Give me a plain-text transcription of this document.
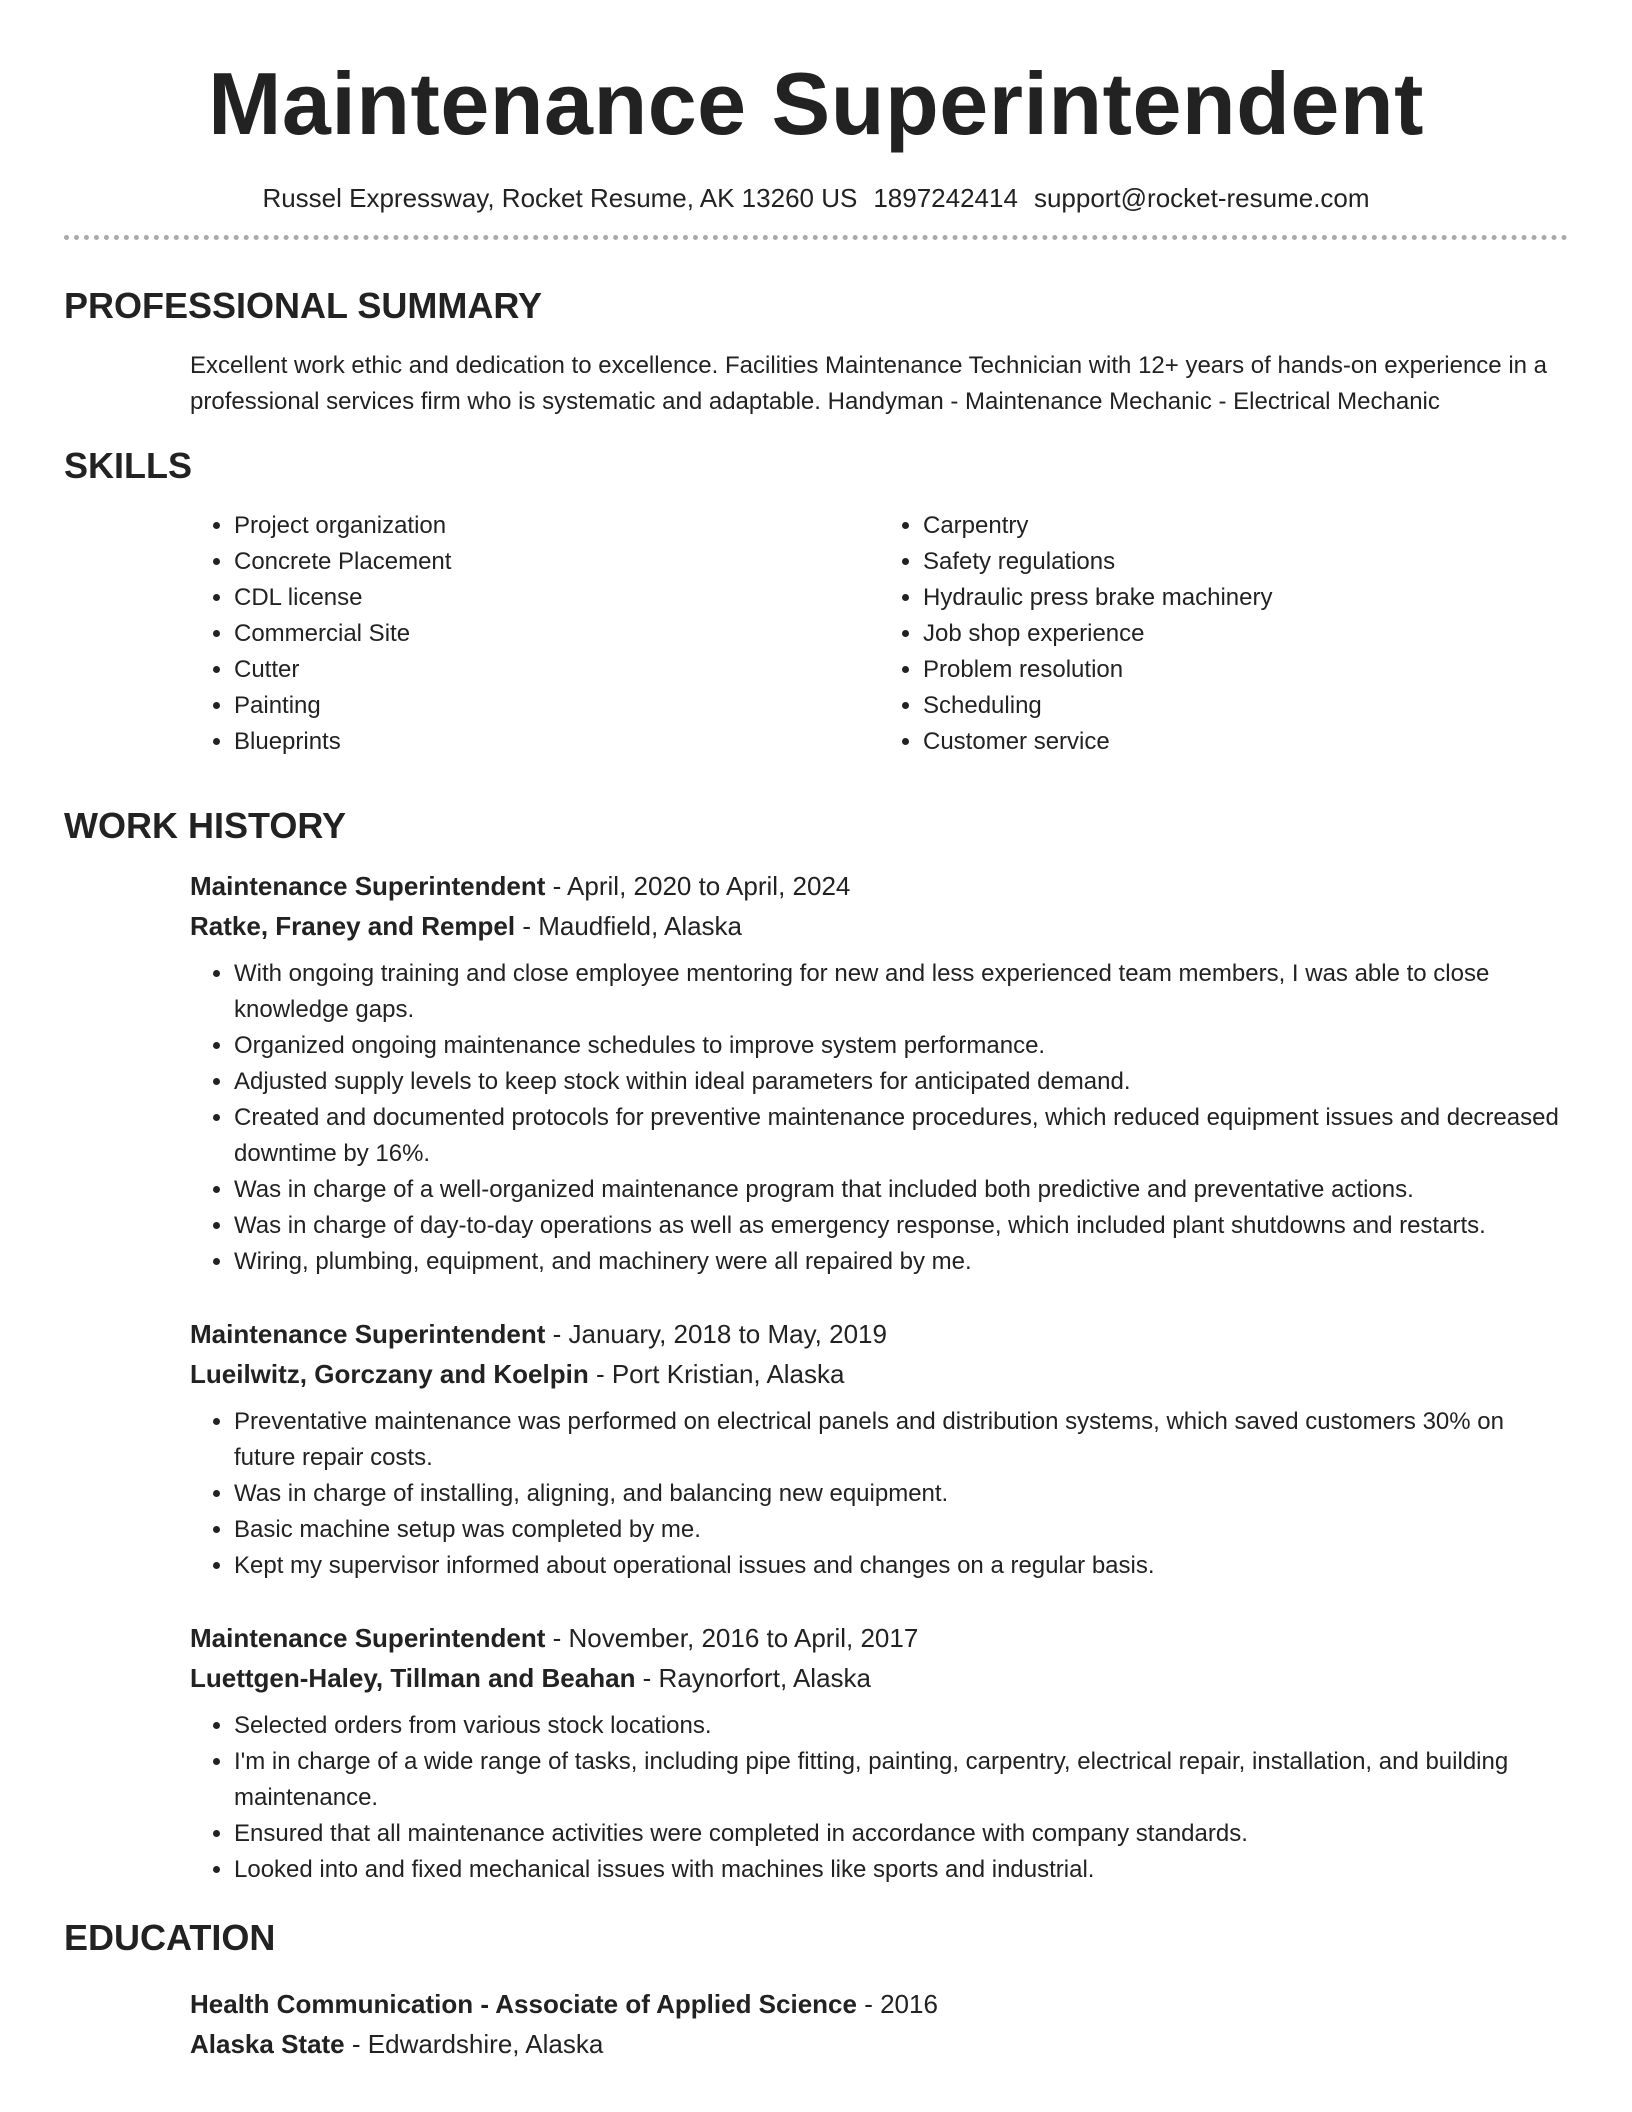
Maintenance Superintendent
Russel Expressway, Rocket Resume, AK 13260 US 1897242414 support@rocket-resume.com
PROFESSIONAL SUMMARY
Excellent work ethic and dedication to excellence. Facilities Maintenance Technician with 12+ years of hands-on experience in a professional services firm who is systematic and adaptable. Handyman - Maintenance Mechanic - Electrical Mechanic
SKILLS
• Project organization
• Concrete Placement
• CDL license
• Commercial Site
• Cutter
• Painting
• Blueprints
• Carpentry
• Safety regulations
• Hydraulic press brake machinery
• Job shop experience
• Problem resolution
• Scheduling
• Customer service
WORK HISTORY
Maintenance Superintendent - April, 2020 to April, 2024
Ratke, Franey and Rempel - Maudfield, Alaska
• With ongoing training and close employee mentoring for new and less experienced team members, I was able to close knowledge gaps.
• Organized ongoing maintenance schedules to improve system performance.
• Adjusted supply levels to keep stock within ideal parameters for anticipated demand.
• Created and documented protocols for preventive maintenance procedures, which reduced equipment issues and decreased downtime by 16%.
• Was in charge of a well-organized maintenance program that included both predictive and preventative actions.
• Was in charge of day-to-day operations as well as emergency response, which included plant shutdowns and restarts.
• Wiring, plumbing, equipment, and machinery were all repaired by me.
Maintenance Superintendent - January, 2018 to May, 2019
Lueilwitz, Gorczany and Koelpin - Port Kristian, Alaska
• Preventative maintenance was performed on electrical panels and distribution systems, which saved customers 30% on future repair costs.
• Was in charge of installing, aligning, and balancing new equipment.
• Basic machine setup was completed by me.
• Kept my supervisor informed about operational issues and changes on a regular basis.
Maintenance Superintendent - November, 2016 to April, 2017
Luettgen-Haley, Tillman and Beahan - Raynorfort, Alaska
• Selected orders from various stock locations.
• I'm in charge of a wide range of tasks, including pipe fitting, painting, carpentry, electrical repair, installation, and building maintenance.
• Ensured that all maintenance activities were completed in accordance with company standards.
• Looked into and fixed mechanical issues with machines like sports and industrial.
EDUCATION
Health Communication - Associate of Applied Science - 2016
Alaska State - Edwardshire, Alaska
